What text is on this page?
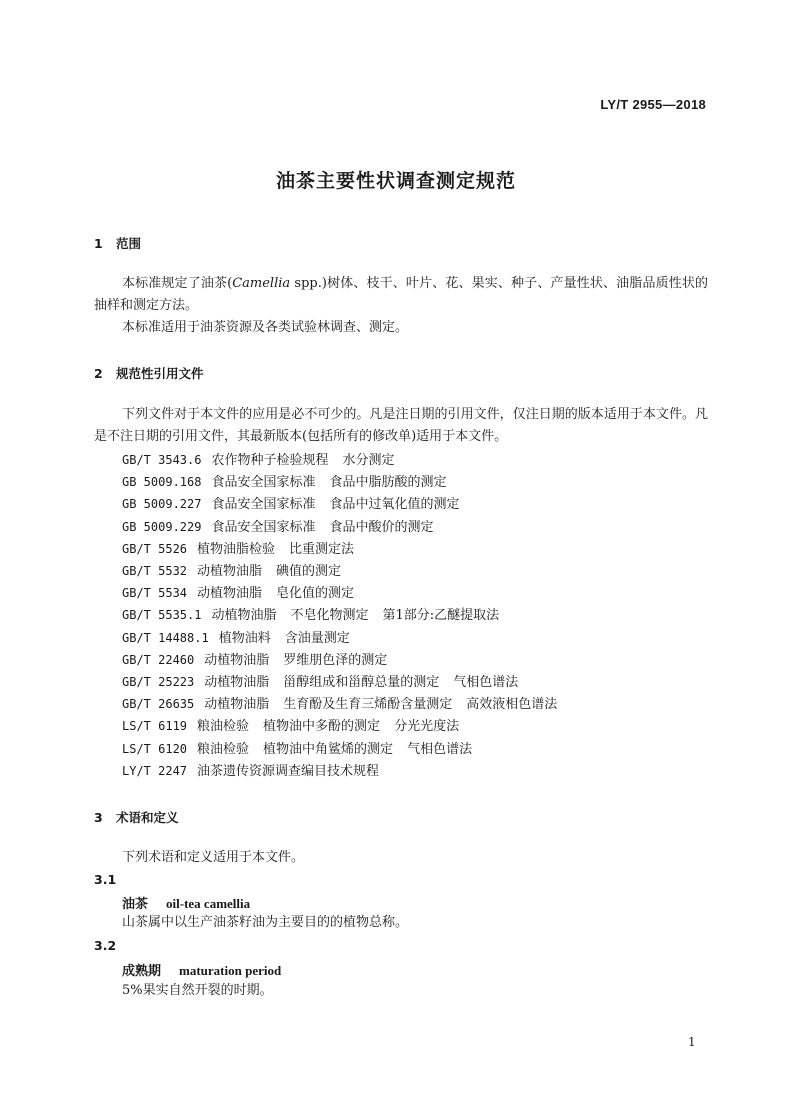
LY/T 2955—2018
油茶主要性状调查测定规范
1 范围
本标准规定了油茶(Camellia spp.)树体、枝干、叶片、花、果实、种子、产量性状、油脂品质性状的抽样和测定方法。
本标准适用于油茶资源及各类试验林调查、测定。
2 规范性引用文件
下列文件对于本文件的应用是必不可少的。凡是注日期的引用文件，仅注日期的版本适用于本文件。凡是不注日期的引用文件，其最新版本(包括所有的修改单)适用于本文件。
GB/T 3543.6 农作物种子检验规程 水分测定
GB 5009.168 食品安全国家标准 食品中脂肪酸的测定
GB 5009.227 食品安全国家标准 食品中过氧化值的测定
GB 5009.229 食品安全国家标准 食品中酸价的测定
GB/T 5526 植物油脂检验 比重测定法
GB/T 5532 动植物油脂 碘值的测定
GB/T 5534 动植物油脂 皂化值的测定
GB/T 5535.1 动植物油脂 不皂化物测定 第1部分:乙醚提取法
GB/T 14488.1 植物油料 含油量测定
GB/T 22460 动植物油脂 罗维朋色泽的测定
GB/T 25223 动植物油脂 甾醇组成和甾醇总量的测定 气相色谱法
GB/T 26635 动植物油脂 生育酚及生育三烯酚含量测定 高效液相色谱法
LS/T 6119 粮油检验 植物油中多酚的测定 分光光度法
LS/T 6120 粮油检验 植物油中角鲨烯的测定 气相色谱法
LY/T 2247 油茶遗传资源调查编目技术规程
3 术语和定义
下列术语和定义适用于本文件。
3.1
油茶 oil-tea camellia
山茶属中以生产油茶籽油为主要目的的植物总称。
3.2
成熟期 maturation period
5%果实自然开裂的时期。
1
